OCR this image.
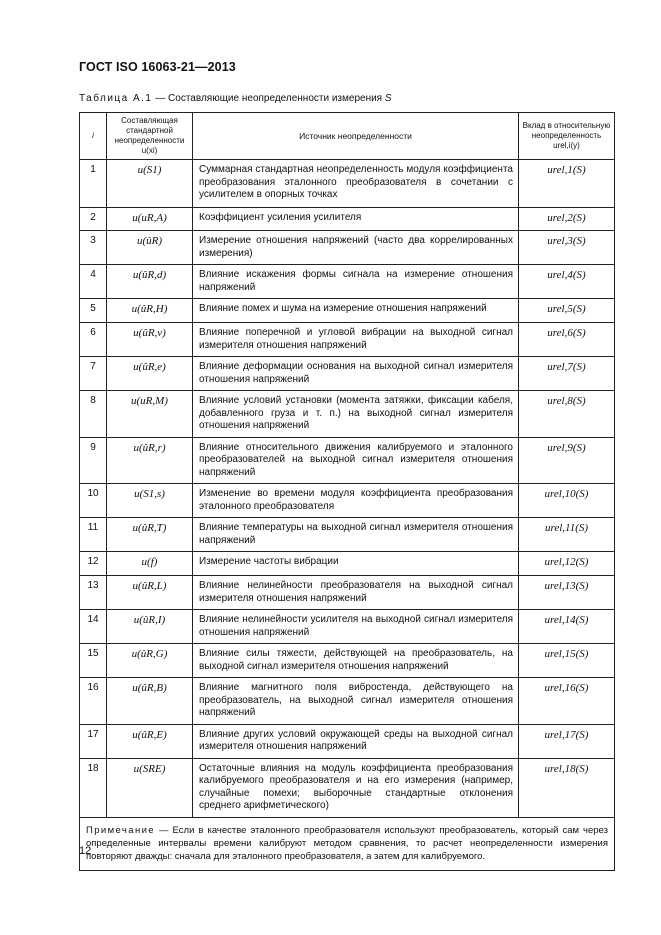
ГОСТ ISO 16063-21—2013
Таблица А.1 — Составляющие неопределенности измерения S
i	Составляющая стандартной неопределенности u(xi)	Источник неопределенности	Вклад в относительную неопределенность urel,i(y)
1	u(S1)	Суммарная стандартная неопределенность модуля коэффициента преобразования эталонного преобразователя в сочетании с усилителем в опорных точках	urel,1(S)
2	u(uR,A)	Коэффициент усиления усилителя	urel,2(S)
3	u(ûR)	Измерение отношения напряжений (часто два коррелированных измерения)	urel,3(S)
4	u(ûR,d)	Влияние искажения формы сигнала на измерение отношения напряжений	urel,4(S)
5	u(ûR,H)	Влияние помех и шума на измерение отношения напряжений	urel,5(S)
6	u(ûR,v)	Влияние поперечной и угловой вибрации на выходной сигнал измерителя отношения напряжений	urel,6(S)
7	u(ûR,e)	Влияние деформации основания на выходной сигнал измерителя отношения напряжений	urel,7(S)
8	u(uR,M)	Влияние условий установки (момента затяжки, фиксации кабеля, добавленного груза и т. п.) на выходной сигнал измерителя отношения напряжений	urel,8(S)
9	u(ûR,r)	Влияние относительного движения калибруемого и эталонного преобразователей на выходной сигнал измерителя отношения напряжений	urel,9(S)
10	u(S1,s)	Изменение во времени модуля коэффициента преобразования эталонного преобразователя	urel,10(S)
11	u(ûR,T)	Влияние температуры на выходной сигнал измерителя отношения напряжений	urel,11(S)
12	u(f)	Измерение частоты вибрации	urel,12(S)
13	u(ûR,L)	Влияние нелинейности преобразователя на выходной сигнал измерителя отношения напряжений	urel,13(S)
14	u(ûR,I)	Влияние нелинейности усилителя на выходной сигнал измерителя отношения напряжений	urel,14(S)
15	u(ûR,G)	Влияние силы тяжести, действующей на преобразователь, на выходной сигнал измерителя отношения напряжений	urel,15(S)
16	u(ûR,B)	Влияние магнитного поля вибростенда, действующего на преобразователь, на выходной сигнал измерителя отношения напряжений	urel,16(S)
17	u(ûR,E)	Влияние других условий окружающей среды на выходной сигнал измерителя отношения напряжений	urel,17(S)
18	u(SRE)	Остаточные влияния на модуль коэффициента преобразования калибруемого преобразователя и на его измерения (например, случайные помехи; выборочные стандартные отклонения среднего арифметического)	urel,18(S)
Примечание — Если в качестве эталонного преобразователя используют преобразователь, который сам через определенные интервалы времени калибруют методом сравнения, то расчет неопределенности измерения повторяют дважды: сначала для эталонного преобразователя, а затем для калибруемого.			
12
